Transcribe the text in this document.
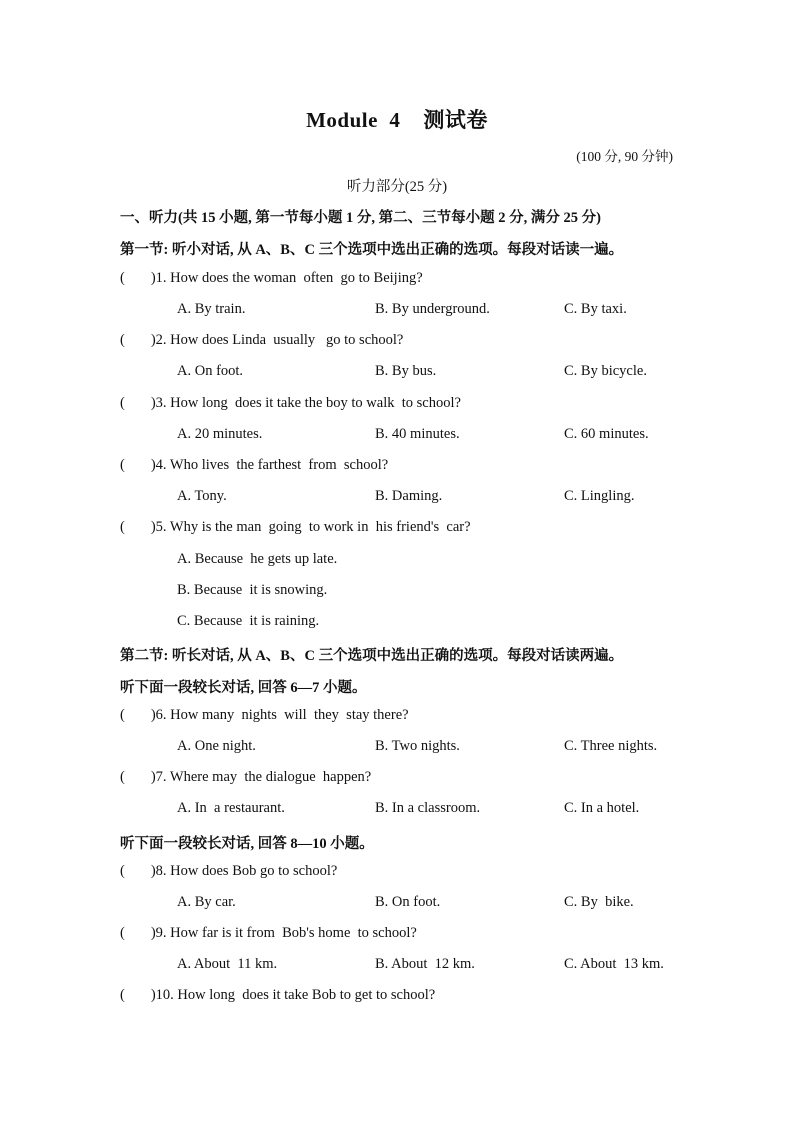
Module  4    测试卷
(100 分, 90 分钟)
听力部分(25 分)
一、听力(共 15 小题, 第一节每小题 1 分, 第二、三节每小题 2 分, 满分 25 分)
第一节: 听小对话, 从 A、B、C 三个选项中选出正确的选项。每段对话读一遍。
( )1. How does the woman  often  go to Beijing?
A. By train.	B. By underground.	C. By taxi.
( )2. How does Linda  usually   go to school?
A. On foot.	B. By bus.	C. By bicycle.
( )3. How long  does it take the boy to walk  to school?
A. 20 minutes.	B. 40 minutes.	C. 60 minutes.
( )4. Who lives  the farthest  from  school?
A. Tony.	B. Daming.	C. Lingling.
( )5. Why is the man  going  to work in  his friend's  car?
A. Because  he gets up late.
B. Because  it is snowing.
C. Because  it is raining.
第二节: 听长对话, 从 A、B、C 三个选项中选出正确的选项。每段对话读两遍。
听下面一段较长对话, 回答 6—7 小题。
( )6. How many  nights  will  they  stay there?
A. One night.	B. Two nights.	C. Three nights.
( )7. Where may  the dialogue  happen?
A. In  a restaurant.	B. In a classroom.	C. In a hotel.
听下面一段较长对话, 回答 8—10 小题。
( )8. How does Bob go to school?
A. By car.	B. On foot.	C. By  bike.
( )9. How far is it from  Bob's home  to school?
A. About  11 km.	B. About  12 km.	C. About  13 km.
( )10. How long  does it take Bob to get to school?
